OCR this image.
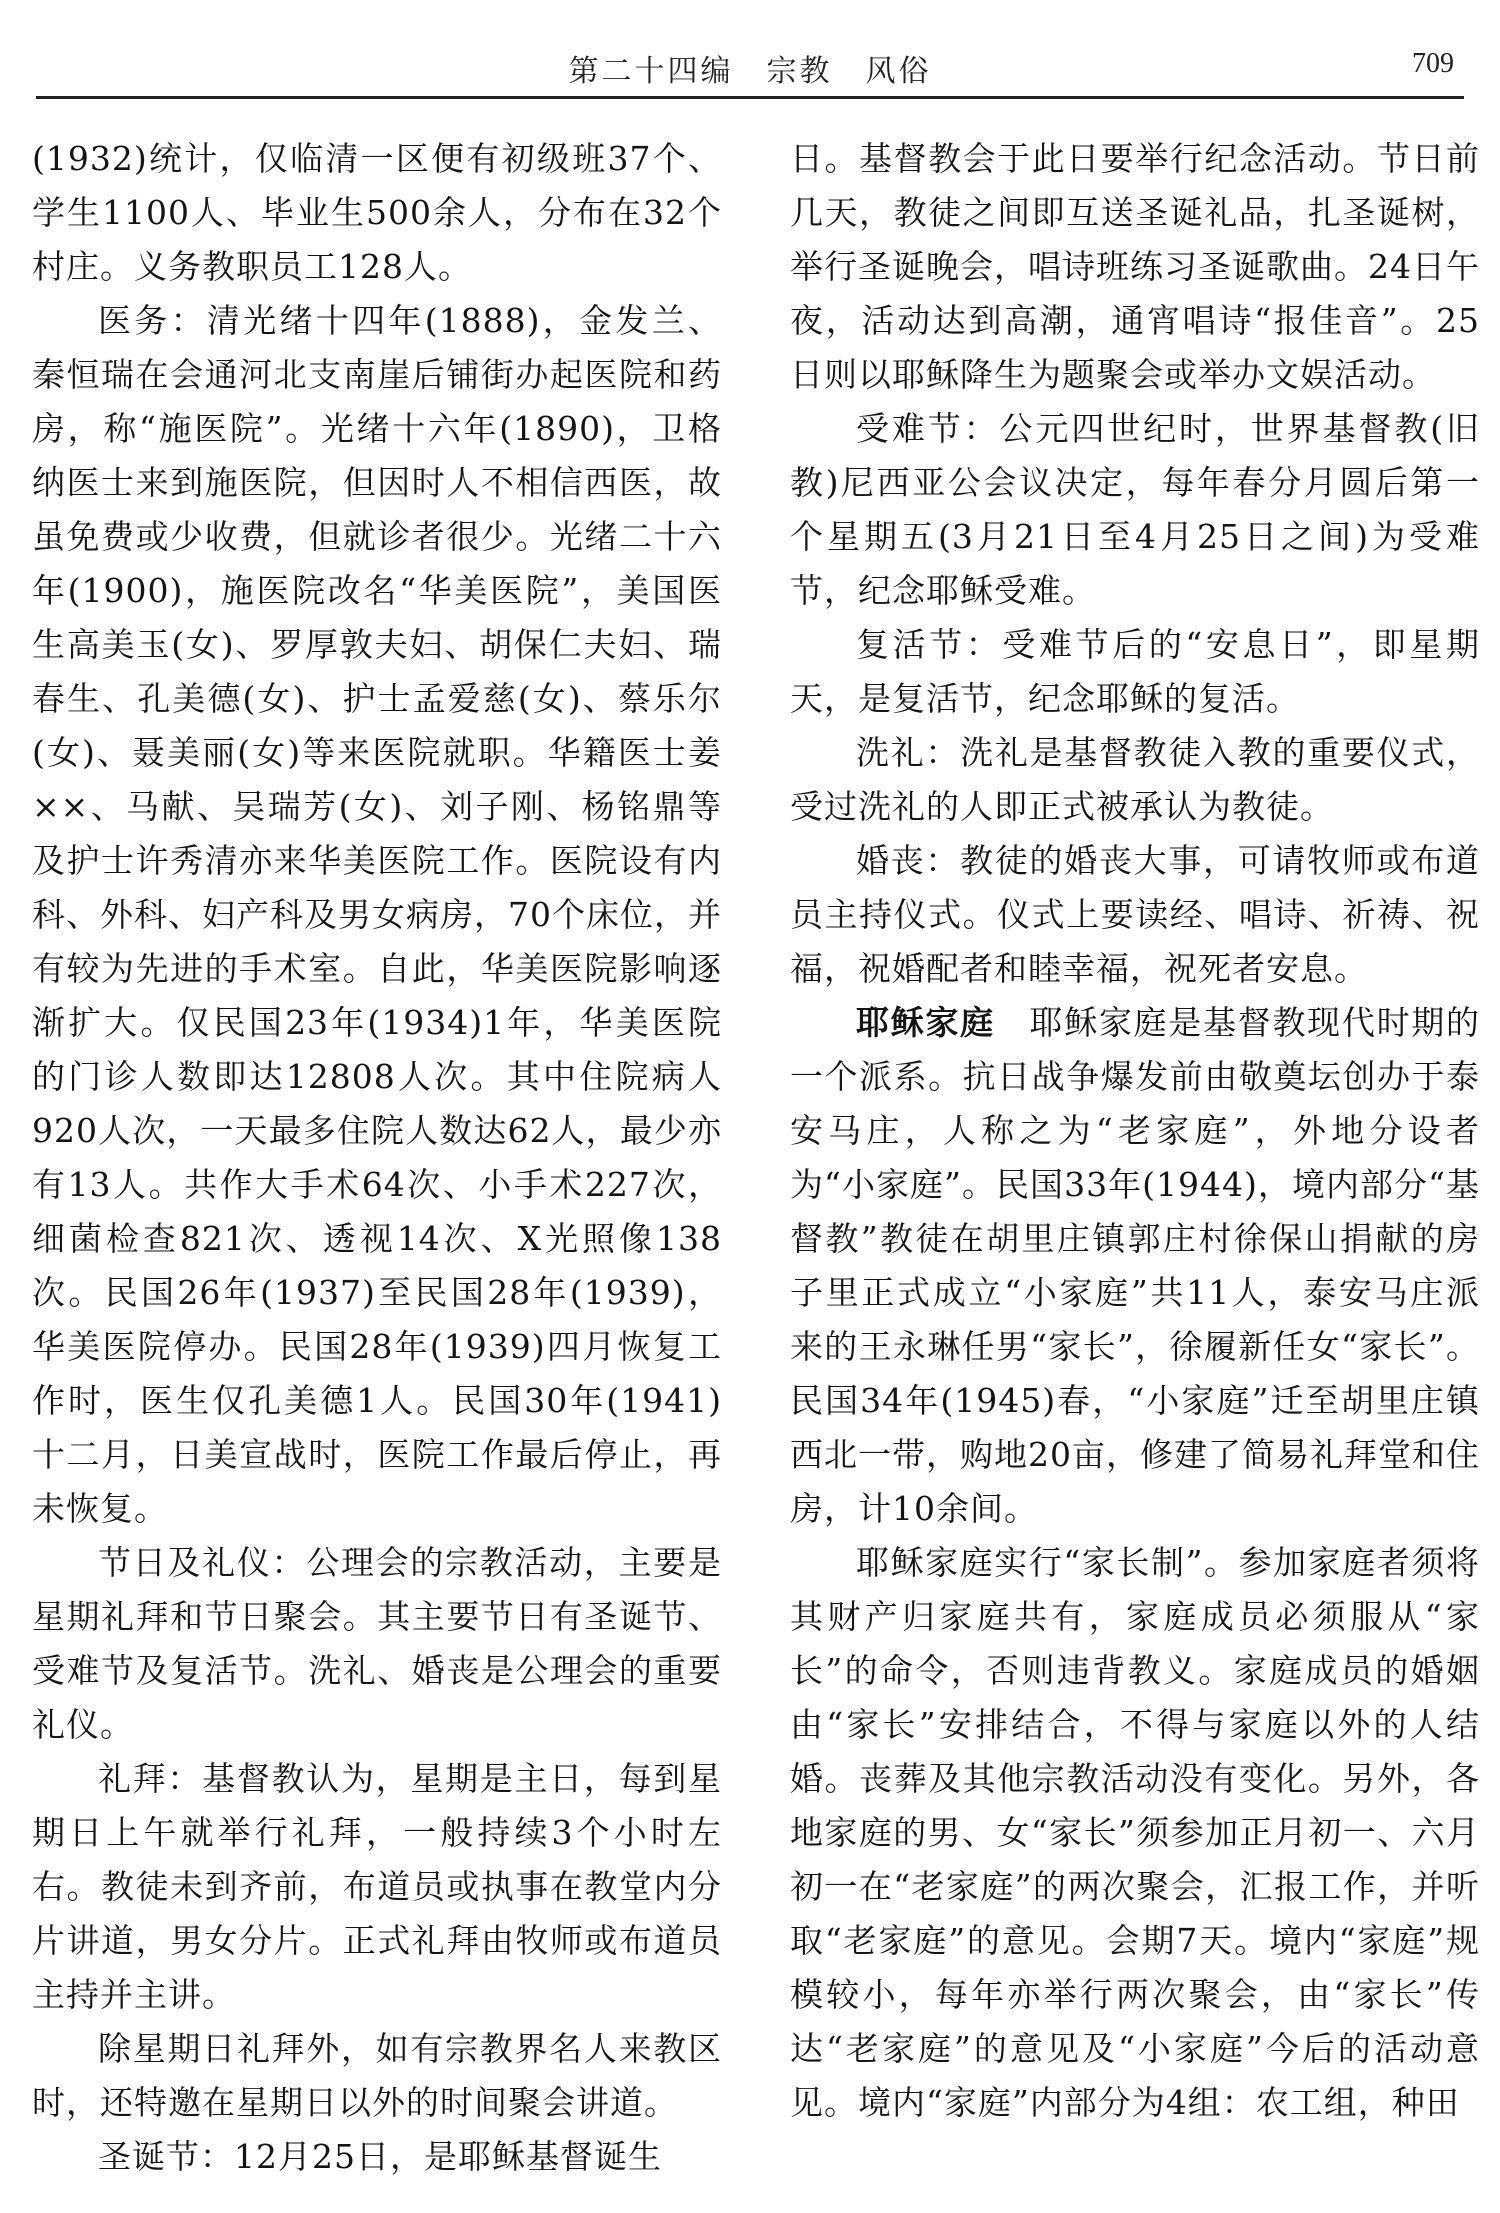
第二十四编　宗教　风俗	709

(1932)统计，仅临清一区便有初级班37个、学生1100人、毕业生500余人，分布在32个村庄。义务教职员工128人。

医务：清光绪十四年(1888)，金发兰、秦恒瑞在会通河北支南崖后铺街办起医院和药房，称“施医院”。光绪十六年(1890)，卫格纳医士来到施医院，但因时人不相信西医，故虽免费或少收费，但就诊者很少。光绪二十六年(1900)，施医院改名“华美医院”，美国医生高美玉(女)、罗厚敦夫妇、胡保仁夫妇、瑞春生、孔美德(女)、护士孟爱慈(女)、蔡乐尔(女)、聂美丽(女)等来医院就职。华籍医士姜××、马献、吴瑞芳(女)、刘子刚、杨铭鼎等及护士许秀清亦来华美医院工作。医院设有内科、外科、妇产科及男女病房，70个床位，并有较为先进的手术室。自此，华美医院影响逐渐扩大。仅民国23年(1934)1年，华美医院的门诊人数即达12808人次。其中住院病人920人次，一天最多住院人数达62人，最少亦有13人。共作大手术64次、小手术227次，细菌检查821次、透视14次、X光照像138次。民国26年(1937)至民国28年(1939)，华美医院停办。民国28年(1939)四月恢复工作时，医生仅孔美德1人。民国30年(1941)十二月，日美宣战时，医院工作最后停止，再未恢复。

节日及礼仪：公理会的宗教活动，主要是星期礼拜和节日聚会。其主要节日有圣诞节、受难节及复活节。洗礼、婚丧是公理会的重要礼仪。

礼拜：基督教认为，星期是主日，每到星期日上午就举行礼拜，一般持续3个小时左右。教徒未到齐前，布道员或执事在教堂内分片讲道，男女分片。正式礼拜由牧师或布道员主持并主讲。

除星期日礼拜外，如有宗教界名人来教区时，还特邀在星期日以外的时间聚会讲道。

圣诞节：12月25日，是耶稣基督诞生

日。基督教会于此日要举行纪念活动。节日前几天，教徒之间即互送圣诞礼品，扎圣诞树，举行圣诞晚会，唱诗班练习圣诞歌曲。24日午夜，活动达到高潮，通宵唱诗“报佳音”。25日则以耶稣降生为题聚会或举办文娱活动。

受难节：公元四世纪时，世界基督教(旧教)尼西亚公会议决定，每年春分月圆后第一个星期五(3月21日至4月25日之间)为受难节，纪念耶稣受难。

复活节：受难节后的“安息日”，即星期天，是复活节，纪念耶稣的复活。

洗礼：洗礼是基督教徒入教的重要仪式，受过洗礼的人即正式被承认为教徒。

婚丧：教徒的婚丧大事，可请牧师或布道员主持仪式。仪式上要读经、唱诗、祈祷、祝福，祝婚配者和睦幸福，祝死者安息。

耶稣家庭　耶稣家庭是基督教现代时期的一个派系。抗日战争爆发前由敬奠坛创办于泰安马庄，人称之为“老家庭”，外地分设者为“小家庭”。民国33年(1944)，境内部分“基督教”教徒在胡里庄镇郭庄村徐保山捐献的房子里正式成立“小家庭”共11人，泰安马庄派来的王永琳任男“家长”，徐履新任女“家长”。民国34年(1945)春，“小家庭”迁至胡里庄镇西北一带，购地20亩，修建了简易礼拜堂和住房，计10余间。

耶稣家庭实行“家长制”。参加家庭者须将其财产归家庭共有，家庭成员必须服从“家长”的命令，否则违背教义。家庭成员的婚姻由“家长”安排结合，不得与家庭以外的人结婚。丧葬及其他宗教活动没有变化。另外，各地家庭的男、女“家长”须参加正月初一、六月初一在“老家庭”的两次聚会，汇报工作，并听取“老家庭”的意见。会期7天。境内“家庭”规模较小，每年亦举行两次聚会，由“家长”传达“老家庭”的意见及“小家庭”今后的活动意见。境内“家庭”内部分为4组：农工组，种田
